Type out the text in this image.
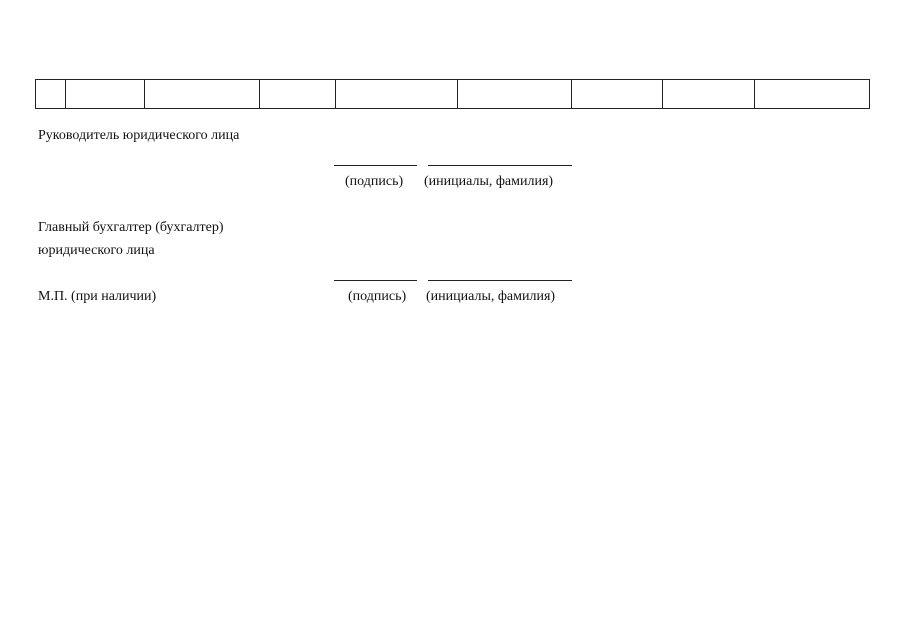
Руководитель юридического лица
(подпись) (инициалы, фамилия)
Главный бухгалтер (бухгалтер)
юридического лица
М.П. (при наличии)	(подпись) (инициалы, фамилия)
